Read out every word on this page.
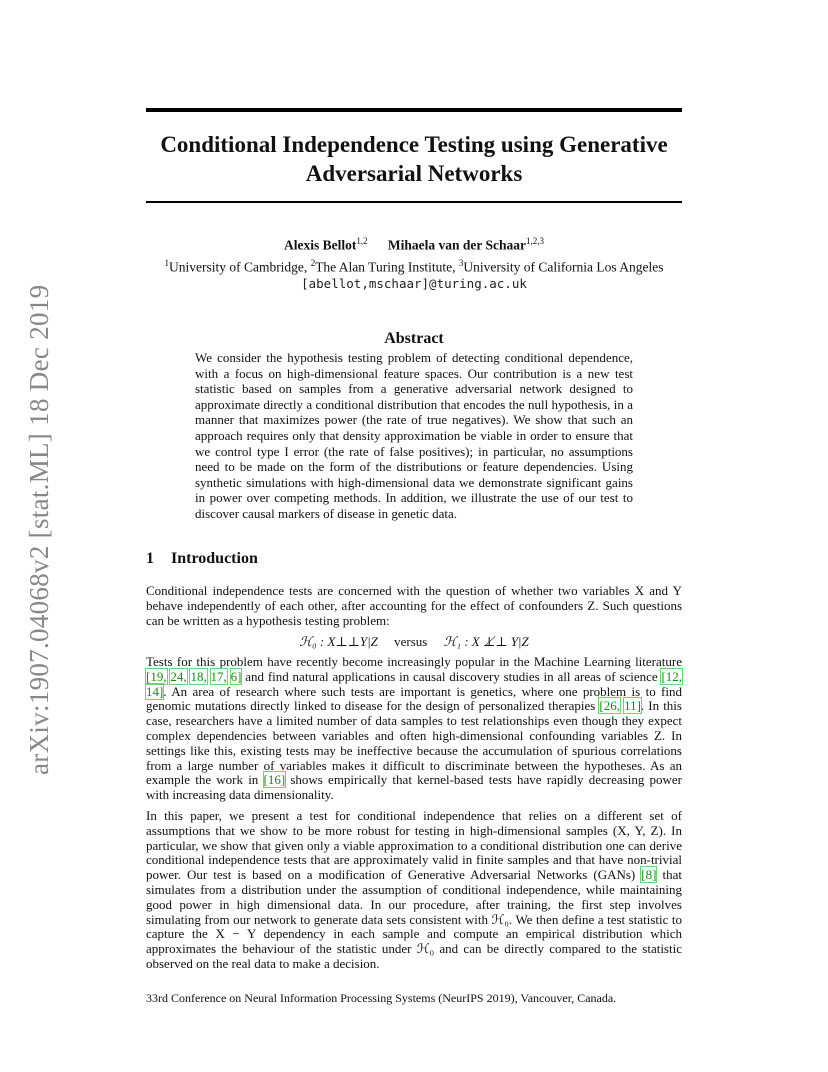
arXiv:1907.04068v2 [stat.ML] 18 Dec 2019
Conditional Independence Testing using Generative
Adversarial Networks
Alexis Bellot$^{1,2}$ Mihaela van der Schaar$^{1,2,3}$
$^1$University of Cambridge, $^2$The Alan Turing Institute, $^3$University of California Los Angeles
[abellot,mschaar]@turing.ac.uk
Abstract
We consider the hypothesis testing problem of detecting conditional dependence, with a focus on high-dimensional feature spaces. Our contribution is a new test statistic based on samples from a generative adversarial network designed to approximate directly a conditional distribution that encodes the null hypothesis, in a manner that maximizes power (the rate of true negatives). We show that such an approach requires only that density approximation be viable in order to ensure that we control type I error (the rate of false positives); in particular, no assumptions need to be made on the form of the distributions or feature dependencies. Using synthetic simulations with high-dimensional data we demonstrate significant gains in power over competing methods. In addition, we illustrate the use of our test to discover causal markers of disease in genetic data.
1 Introduction
Conditional independence tests are concerned with the question of whether two variables X and Y behave independently of each other, after accounting for the effect of confounders Z. Such questions can be written as a hypothesis testing problem:
ℋ₀ : X⊥⊥Y|Z versus ℋ₁ : X ⊥̸⊥ Y|Z
Tests for this problem have recently become increasingly popular in the Machine Learning literature [19, 24, 18, 17, 6] and find natural applications in causal discovery studies in all areas of science [12, 14]. An area of research where such tests are important is genetics, where one problem is to find genomic mutations directly linked to disease for the design of personalized therapies [26, 11]. In this case, researchers have a limited number of data samples to test relationships even though they expect complex dependencies between variables and often high-dimensional confounding variables Z. In settings like this, existing tests may be ineffective because the accumulation of spurious correlations from a large number of variables makes it difficult to discriminate between the hypotheses. As an example the work in [16] shows empirically that kernel-based tests have rapidly decreasing power with increasing data dimensionality.
In this paper, we present a test for conditional independence that relies on a different set of assumptions that we show to be more robust for testing in high-dimensional samples (X, Y, Z). In particular, we show that given only a viable approximation to a conditional distribution one can derive conditional independence tests that are approximately valid in finite samples and that have non-trivial power. Our test is based on a modification of Generative Adversarial Networks (GANs) [8] that simulates from a distribution under the assumption of conditional independence, while maintaining good power in high dimensional data. In our procedure, after training, the first step involves simulating from our network to generate data sets consistent with ℋ₀. We then define a test statistic to capture the X − Y dependency in each sample and compute an empirical distribution which approximates the behaviour of the statistic under ℋ₀ and can be directly compared to the statistic observed on the real data to make a decision.
33rd Conference on Neural Information Processing Systems (NeurIPS 2019), Vancouver, Canada.
